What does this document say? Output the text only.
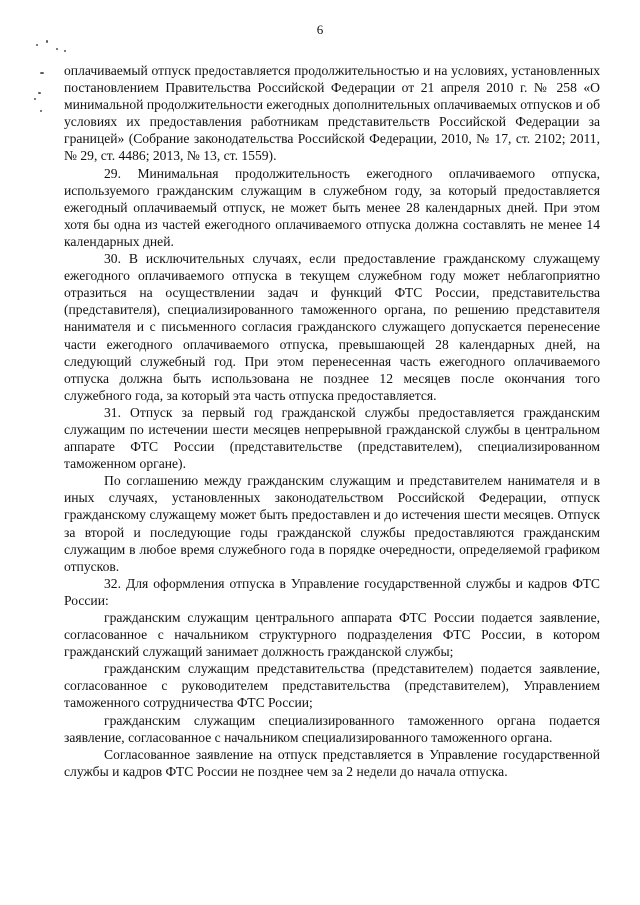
6

оплачиваемый отпуск предоставляется продолжительностью и на условиях, установленных постановлением Правительства Российской Федерации от 21 апреля 2010 г. № 258 «О минимальной продолжительности ежегодных дополнительных оплачиваемых отпусков и об условиях их предоставления работникам представительств Российской Федерации за границей» (Собрание законодательства Российской Федерации, 2010, № 17, ст. 2102; 2011, № 29, ст. 4486; 2013, № 13, ст. 1559).

29. Минимальная продолжительность ежегодного оплачиваемого отпуска, используемого гражданским служащим в служебном году, за который предоставляется ежегодный оплачиваемый отпуск, не может быть менее 28 календарных дней. При этом хотя бы одна из частей ежегодного оплачиваемого отпуска должна составлять не менее 14 календарных дней.

30. В исключительных случаях, если предоставление гражданскому служащему ежегодного оплачиваемого отпуска в текущем служебном году может неблагоприятно отразиться на осуществлении задач и функций ФТС России, представительства (представителя), специализированного таможенного органа, по решению представителя нанимателя и с письменного согласия гражданского служащего допускается перенесение части ежегодного оплачиваемого отпуска, превышающей 28 календарных дней, на следующий служебный год. При этом перенесенная часть ежегодного оплачиваемого отпуска должна быть использована не позднее 12 месяцев после окончания того служебного года, за который эта часть отпуска предоставляется.

31. Отпуск за первый год гражданской службы предоставляется гражданским служащим по истечении шести месяцев непрерывной гражданской службы в центральном аппарате ФТС России (представительстве (представителем), специализированном таможенном органе).

По соглашению между гражданским служащим и представителем нанимателя и в иных случаях, установленных законодательством Российской Федерации, отпуск гражданскому служащему может быть предоставлен и до истечения шести месяцев. Отпуск за второй и последующие годы гражданской службы предоставляются гражданским служащим в любое время служебного года в порядке очередности, определяемой графиком отпусков.

32. Для оформления отпуска в Управление государственной службы и кадров ФТС России:

гражданским служащим центрального аппарата ФТС России подается заявление, согласованное с начальником структурного подразделения ФТС России, в котором гражданский служащий занимает должность гражданской службы;

гражданским служащим представительства (представителем) подается заявление, согласованное с руководителем представительства (представителем), Управлением таможенного сотрудничества ФТС России;

гражданским служащим специализированного таможенного органа подается заявление, согласованное с начальником специализированного таможенного органа.

Согласованное заявление на отпуск представляется в Управление государственной службы и кадров ФТС России не позднее чем за 2 недели до начала отпуска.
